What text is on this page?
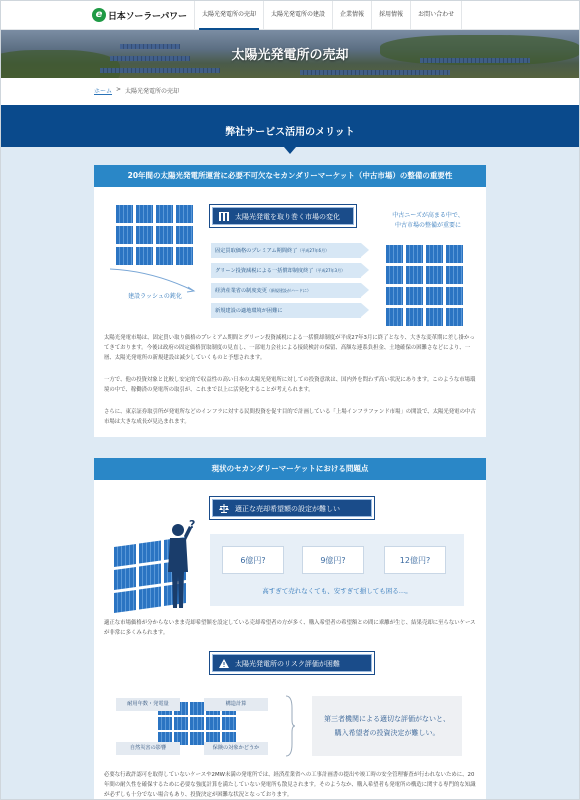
e 日本ソーラーパワー	太陽光発電所の売却	太陽光発電所の建設	企業情報	採用情報	お問い合わせ
太陽光発電所の売却
ホーム > 太陽光発電所の売却
弊社サービス活用のメリット
20年間の太陽光発電所運営に必要不可欠なセカンダリーマーケット（中古市場）の整備の重要性
建設ラッシュの鈍化
太陽光発電を取り巻く市場の変化
固定買取価格のプレミアム期間終了（平成27年6月）
グリーン投資減税による一括償却制度終了（平成27年3月）
経済産業省の制度変更（新規建設がハードに）
新規建設の適地環境が困難に
中古ニーズが高まる中で、
中古市場の整備が重要に
太陽光発電市場は、固定買い取り価格のプレミアム期間とグリーン投資減税による一括償却制度が平成27年3月に終了となり、大きな変革期に差し掛かってきております。今後は政府の固定価格買取制度の見直し、一部電力会社による接続検討の保留、高額な連系負担金、土地確保の困難さなどにより、一層、太陽光発電所の新規建設は減少していくものと予想されます。
一方で、他の投資対象と比較し安定的で収益性の高い日本の太陽光発電所に対しての投資意欲は、国内外を問わず高い状況にあります。このような市場環境の中で、稼働済の発電所の取引が、これまで以上に活発化することが考えられます。
さらに、東京証券取引所が発電所などのインフラに対する民間投資を促す目的で計画している「上場インフラファンド市場」の開設で、太陽光発電の中古市場は大きな成長が見込まれます。
現状のセカンダリーマーケットにおける問題点
適正な売却希望額の設定が難しい
?
6億円?	9億円?	12億円?
高すぎて売れなくても、安すぎて損しても困る…。
適正な市場価格が分からないまま売却希望額を設定している売却希望者の方が多く、購入希望者の希望額との間に乖離が生じ、結果売却に至らないケースが非常に多くみられます。
太陽光発電所のリスク評価が困難
耐用年数・発電量	構造計算
自然災害の影響	保険の対象かどうか
第三者機関による適切な評価がないと、
購入希望者の投資決定が難しい。
必要な行政許認可を取得していないケースや2MW未満の発電所では、経済産業省への工事計画書の提出や竣工時の安全管理審査が行われないために、20年間の耐久性を確保するために必要な強度計算を満たしていない発電所も散見されます。そのようなか、購入希望者も発電所の構造に関する専門的な知識が必ずしも十分でない場合もあり、投資決定が困難な状況となっております。
